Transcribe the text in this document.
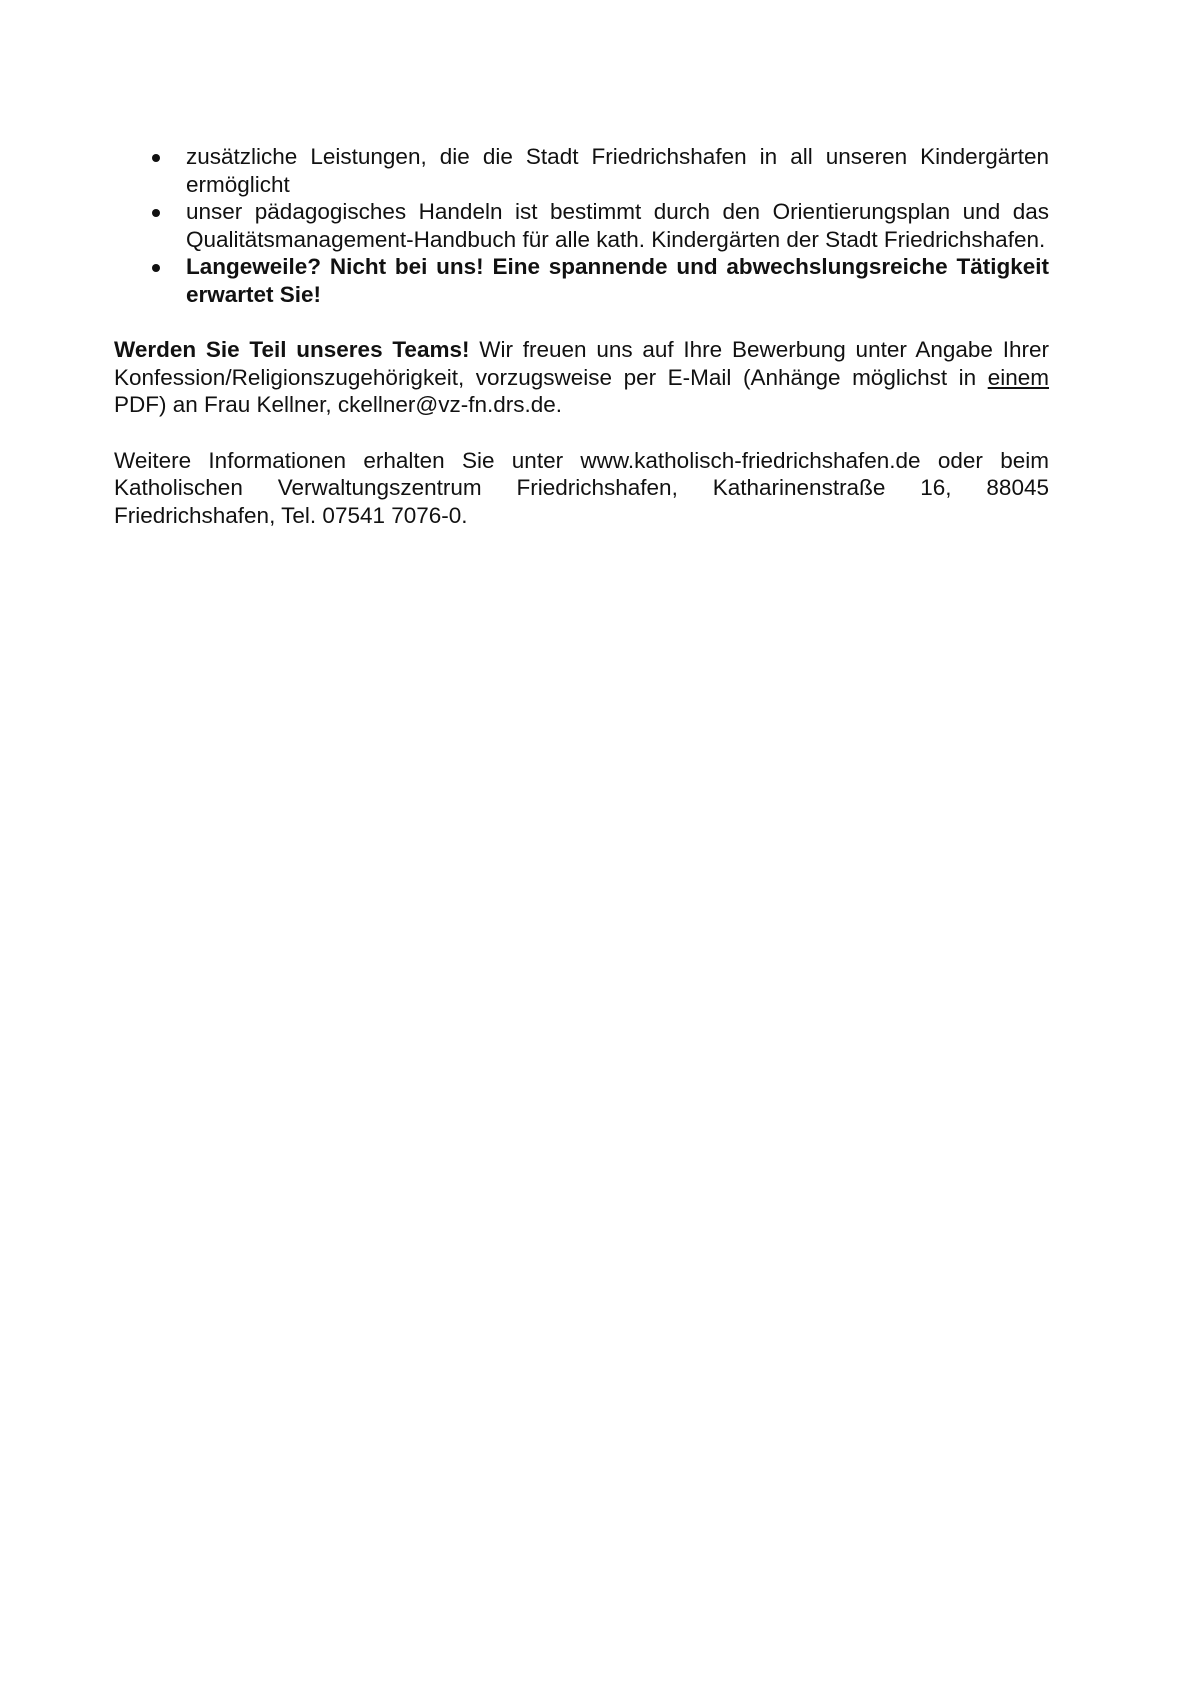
zusätzliche Leistungen, die die Stadt Friedrichshafen in all unseren Kindergärten ermöglicht
unser pädagogisches Handeln ist bestimmt durch den Orientierungsplan und das Qualitätsmanagement-Handbuch für alle kath. Kindergärten der Stadt Friedrichshafen.
Langeweile? Nicht bei uns! Eine spannende und abwechslungsreiche Tätigkeit erwartet Sie!

Werden Sie Teil unseres Teams! Wir freuen uns auf Ihre Bewerbung unter Angabe Ihrer Konfession/Religionszugehörigkeit, vorzugsweise per E-Mail (Anhänge möglichst in einem PDF) an Frau Kellner, ckellner@vz-fn.drs.de.

Weitere Informationen erhalten Sie unter www.katholisch-friedrichshafen.de oder beim Katholischen Verwaltungszentrum Friedrichshafen, Katharinenstraße 16, 88045 Friedrichshafen, Tel. 07541 7076-0.
